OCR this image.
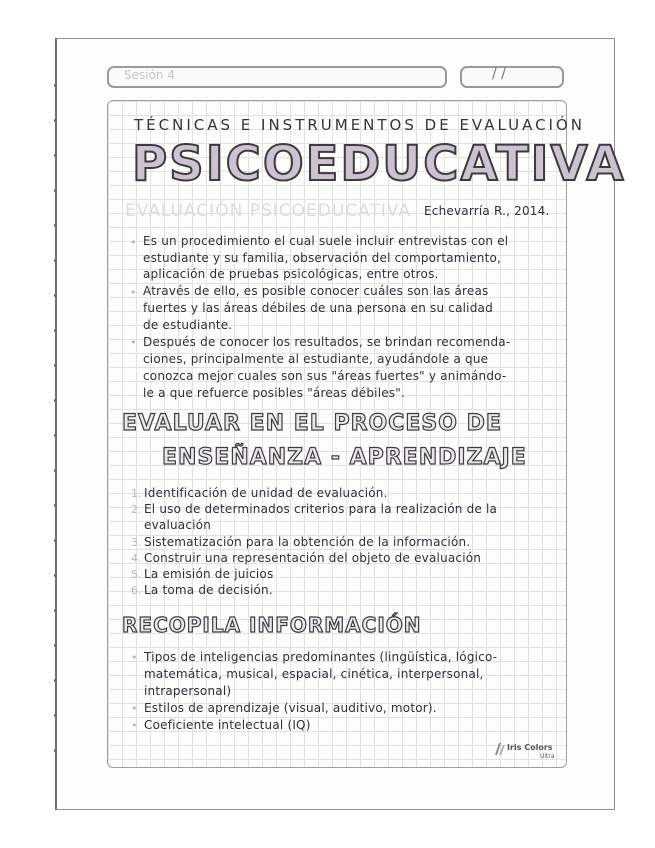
Sesión 4	/ /
TÉCNICAS E INSTRUMENTOS DE EVALUACIÓN
PSICOEDUCATIVA
EVALUACIÓN PSICOEDUCATIVA Echevarría R., 2014.
•
•
•
Es un procedimiento el cual suele incluir entrevistas con el
estudiante y su familia, observación del comportamiento,
aplicación de pruebas psicológicas, entre otros.
Através de ello, es posible conocer cuáles son las áreas
fuertes y las áreas débiles de una persona en su calidad
de estudiante.
Después de conocer los resultados, se brindan recomenda-
ciones, principalmente al estudiante, ayudándole a que
conozca mejor cuales son sus "áreas fuertes" y animándo-
le a que refuerce posibles "áreas débiles".
EVALUAR EN EL PROCESO DE
ENSEÑANZA - APRENDIZAJE
1.
2.
3.
4.
5.
6.
Identificación de unidad de evaluación.
El uso de determinados criterios para la realización de la
evaluación
Sistematización para la obtención de la información.
Construir una representación del objeto de evaluación
La emisión de juicios
La toma de decisión.
RECOPILA INFORMACIÓN
•
•
•
Tipos de inteligencias predominantes (lingüística, lógico-
matemática, musical, espacial, cinética, interpersonal,
intrapersonal)
Estilos de aprendizaje (visual, auditivo, motor).
Coeficiente intelectual (IQ)
Iris Colors
Ultra
